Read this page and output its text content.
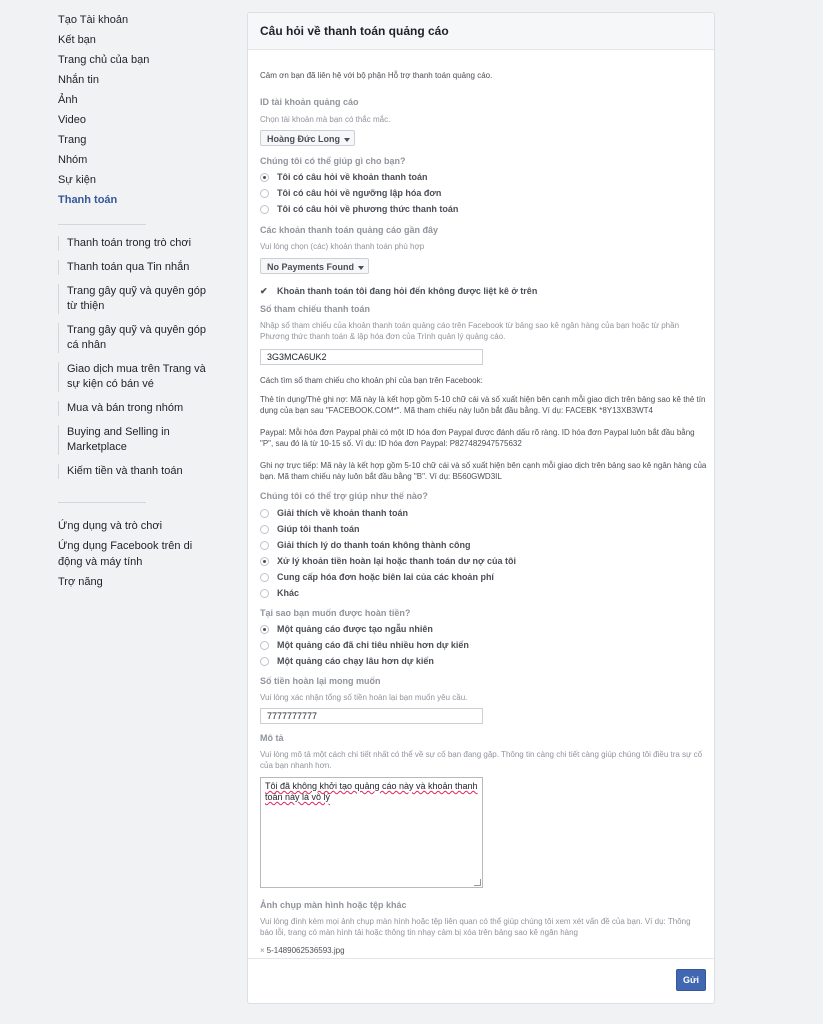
Tạo Tài khoản
Kết bạn
Trang chủ của bạn
Nhắn tin
Ảnh
Video
Trang
Nhóm
Sự kiện
Thanh toán
Thanh toán trong trò chơi
Thanh toán qua Tin nhắn
Trang gây quỹ và quyên góp từ thiện
Trang gây quỹ và quyên góp cá nhân
Giao dịch mua trên Trang và sự kiện có bán vé
Mua và bán trong nhóm
Buying and Selling in Marketplace
Kiếm tiền và thanh toán
Ứng dụng và trò chơi
Ứng dụng Facebook trên di động và máy tính
Trợ năng
Câu hỏi về thanh toán quảng cáo
Cảm ơn bạn đã liên hệ với bộ phận Hỗ trợ thanh toán quảng cáo.
ID tài khoản quảng cáo
Chọn tài khoản mà bạn có thắc mắc.
Hoàng Đức Long
Chúng tôi có thể giúp gì cho bạn?
Tôi có câu hỏi về khoản thanh toán
Tôi có câu hỏi về ngưỡng lập hóa đơn
Tôi có câu hỏi về phương thức thanh toán
Các khoản thanh toán quảng cáo gần đây
Vui lòng chọn (các) khoản thanh toán phù hợp
No Payments Found
✔ Khoản thanh toán tôi đang hỏi đến không được liệt kê ở trên
Số tham chiếu thanh toán
Nhập số tham chiếu của khoản thanh toán quảng cáo trên Facebook từ bảng sao kê ngân hàng của bạn hoặc từ phần Phương thức thanh toán & lập hóa đơn của Trình quản lý quảng cáo.
3G3MCA6UK2
Cách tìm số tham chiếu cho khoản phí của bạn trên Facebook:
Thẻ tín dụng/Thẻ ghi nợ: Mã này là kết hợp gồm 5-10 chữ cái và số xuất hiện bên cạnh mỗi giao dịch trên bảng sao kê thẻ tín dụng của bạn sau "FACEBOOK.COM*". Mã tham chiếu này luôn bắt đầu bằng. Ví dụ: FACEBK *8Y13XB3WT4
Paypal: Mỗi hóa đơn Paypal phải có một ID hóa đơn Paypal được đánh dấu rõ ràng. ID hóa đơn Paypal luôn bắt đầu bằng "P", sau đó là từ 10-15 số. Ví dụ: ID hóa đơn Paypal: P827482947575632
Ghi nợ trực tiếp: Mã này là kết hợp gồm 5-10 chữ cái và số xuất hiện bên cạnh mỗi giao dịch trên bảng sao kê ngân hàng của bạn. Mã tham chiếu này luôn bắt đầu bằng "B". Ví dụ: B560GWD3IL
Chúng tôi có thể trợ giúp như thế nào?
Giải thích về khoản thanh toán
Giúp tôi thanh toán
Giải thích lý do thanh toán không thành công
Xử lý khoản tiền hoàn lại hoặc thanh toán dư nợ của tôi
Cung cấp hóa đơn hoặc biên lai của các khoản phí
Khác
Tại sao bạn muốn được hoàn tiền?
Một quảng cáo được tạo ngẫu nhiên
Một quảng cáo đã chi tiêu nhiều hơn dự kiến
Một quảng cáo chạy lâu hơn dự kiến
Số tiền hoàn lại mong muốn
Vui lòng xác nhận tổng số tiền hoàn lại bạn muốn yêu cầu.
7777777777
Mô tả
Vui lòng mô tả một cách chi tiết nhất có thể về sự cố bạn đang gặp. Thông tin càng chi tiết càng giúp chúng tôi điều tra sự cố của bạn nhanh hơn.
Tôi đã không khởi tạo quảng cáo này và khoản thanh toán này là vô lý
Ảnh chụp màn hình hoặc tệp khác
Vui lòng đính kèm mọi ảnh chụp màn hình hoặc tệp liên quan có thể giúp chúng tôi xem xét vấn đề của bạn. Ví dụ: Thông báo lỗi, trang có màn hình tải hoặc thông tin nhạy cảm bị xóa trên bảng sao kê ngân hàng
× 5-1489062536593.jpg
Gửi
